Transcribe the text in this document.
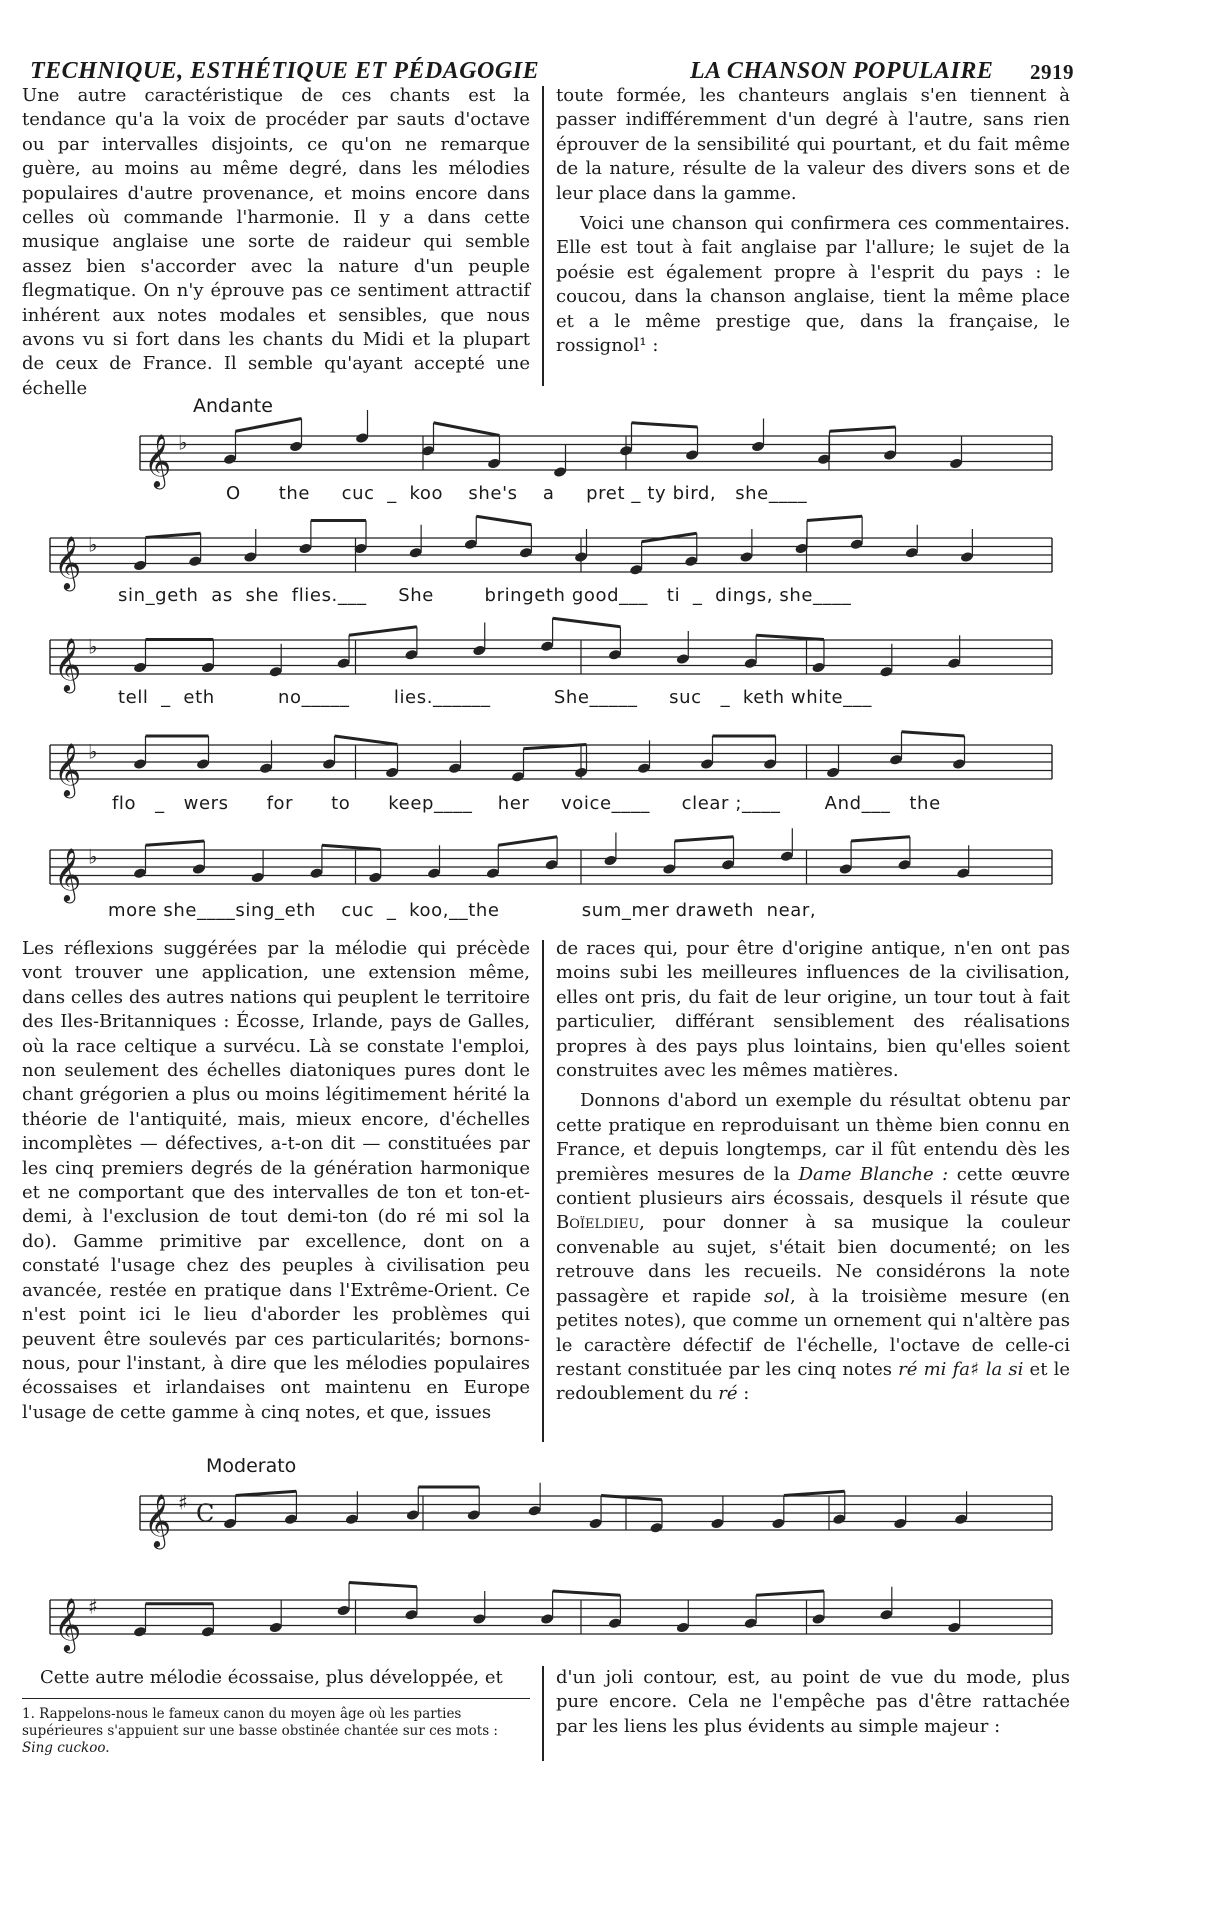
TECHNIQUE, ESTHÉTIQUE ET PÉDAGOGIE	LA CHANSON POPULAIRE 2919

Une autre caractéristique de ces chants est la tendance qu'a la voix de procéder par sauts d'octave ou par intervalles disjoints, ce qu'on ne remarque guère, au moins au même degré, dans les mélodies populaires d'autre provenance, et moins encore dans celles où commande l'harmonie. Il y a dans cette musique anglaise une sorte de raideur qui semble assez bien s'accorder avec la nature d'un peuple flegmatique. On n'y éprouve pas ce sentiment attractif inhérent aux notes modales et sensibles, que nous avons vu si fort dans les chants du Midi et la plupart de ceux de France. Il semble qu'ayant accepté une échelle

toute formée, les chanteurs anglais s'en tiennent à passer indifféremment d'un degré à l'autre, sans rien éprouver de la sensibilité qui pourtant, et du fait même de la nature, résulte de la valeur des divers sons et de leur place dans la gamme.

Voici une chanson qui confirmera ces commentaires. Elle est tout à fait anglaise par l'allure; le sujet de la poésie est également propre à l'esprit du pays : le coucou, dans la chanson anglaise, tient la même place et a le même prestige que, dans la française, le rossignol¹ :

Andante
𝄞 ♭
O      the     cuc  _  koo    she's    a     pret _ ty bird,   she____
𝄞 ♭
sin_geth  as  she  flies.___     She        bringeth good___   ti  _  dings, she____
𝄞 ♭
tell  _  eth          no_____       lies.______          She_____     suc   _  keth white___
𝄞 ♭
flo   _   wers      for      to      keep____    her     voice____     clear ;____       And___   the
𝄞 ♭
more she____sing_eth    cuc  _  koo,__the             sum_mer draweth  near,

Les réflexions suggérées par la mélodie qui précède vont trouver une application, une extension même, dans celles des autres nations qui peuplent le territoire des Iles-Britanniques : Écosse, Irlande, pays de Galles, où la race celtique a survécu. Là se constate l'emploi, non seulement des échelles diatoniques pures dont le chant grégorien a plus ou moins légitimement hérité la théorie de l'antiquité, mais, mieux encore, d'échelles incomplètes — défectives, a-t-on dit — constituées par les cinq premiers degrés de la génération harmonique et ne comportant que des intervalles de ton et ton-et-demi, à l'exclusion de tout demi-ton (do ré mi sol la do). Gamme primitive par excellence, dont on a constaté l'usage chez des peuples à civilisation peu avancée, restée en pratique dans l'Extrême-Orient. Ce n'est point ici le lieu d'aborder les problèmes qui peuvent être soulevés par ces particularités; bornons-nous, pour l'instant, à dire que les mélodies populaires écossaises et irlandaises ont maintenu en Europe l'usage de cette gamme à cinq notes, et que, issues

de races qui, pour être d'origine antique, n'en ont pas moins subi les meilleures influences de la civilisation, elles ont pris, du fait de leur origine, un tour tout à fait particulier, différant sensiblement des réalisations propres à des pays plus lointains, bien qu'elles soient construites avec les mêmes matières.

Donnons d'abord un exemple du résultat obtenu par cette pratique en reproduisant un thème bien connu en France, et depuis longtemps, car il fût entendu dès les premières mesures de la Dame Blanche : cette œuvre contient plusieurs airs écossais, desquels il résute que Boïeldieu, pour donner à sa musique la couleur convenable au sujet, s'était bien documenté; on les retrouve dans les recueils. Ne considérons la note passagère et rapide sol, à la troisième mesure (en petites notes), que comme un ornement qui n'altère pas le caractère défectif de l'échelle, l'octave de celle-ci restant constituée par les cinq notes ré mi fa♯ la si et le redoublement du ré :

Moderato
𝄞 ♯ C
𝄞 ♯

Cette autre mélodie écossaise, plus développée, et

1. Rappelons-nous le fameux canon du moyen âge où les parties supérieures s'appuient sur une basse obstinée chantée sur ces mots : Sing cuckoo.

d'un joli contour, est, au point de vue du mode, plus pure encore. Cela ne l'empêche pas d'être rattachée par les liens les plus évidents au simple majeur :
